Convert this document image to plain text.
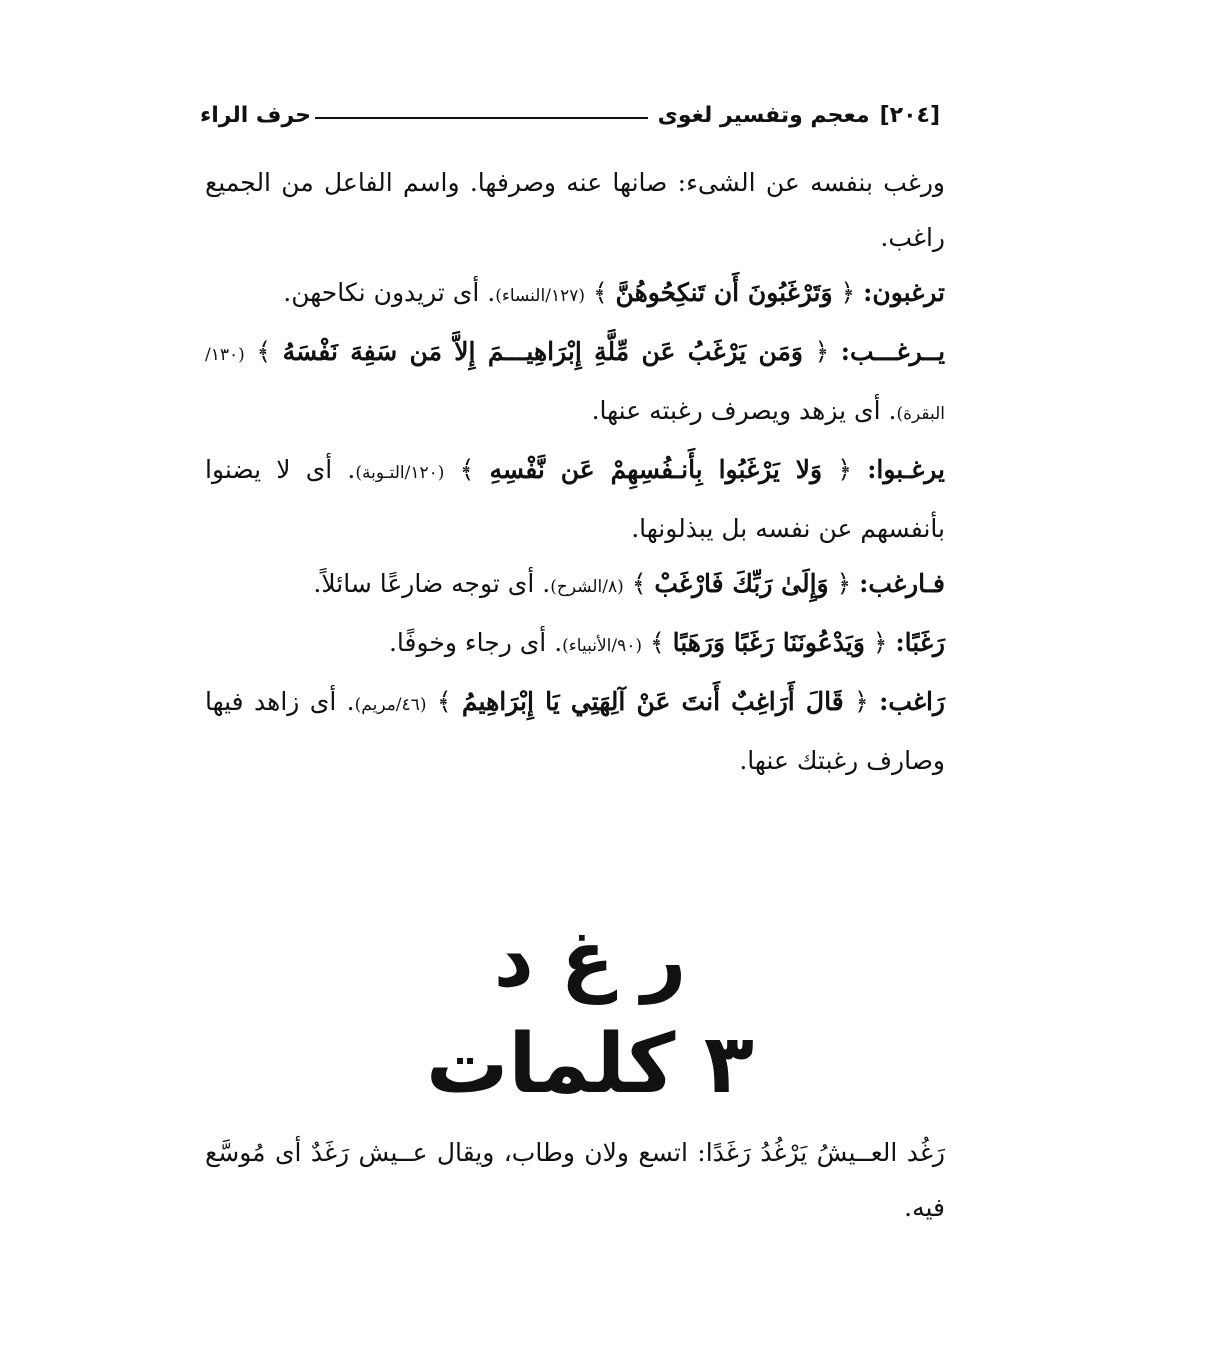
[٢٠٤]
معجم وتفسير لغوى
حرف الراء

ورغب بنفسه عن الشىء: صانها عنه وصرفها. واسم الفاعل من الجميع راغب.

ترغبون: ﴿ وَتَرْغَبُونَ أَن تَنكِحُوهُنَّ ﴾ (١٢٧/النساء). أى تريدون نكاحهن.

يــرغـــب: ﴿ وَمَن يَرْغَبُ عَن مِّلَّةِ إِبْرَاهِيـــمَ إِلاَّ مَن سَفِهَ نَفْسَهُ ﴾ (١٣٠/البقرة). أى يزهد ويصرف رغبته عنها.

يرغـبوا: ﴿ وَلا يَرْغَبُوا بِأَنـفُسِهِمْ عَن نَّفْسِهِ ﴾ (١٢٠/التـوبة). أى لا يضنوا بأنفسهم عن نفسه بل يبذلونها.

فـارغب: ﴿ وَإِلَىٰ رَبِّكَ فَارْغَبْ ﴾ (٨/الشرح). أى توجه ضارعًا سائلاً.

رَغَبًا: ﴿ وَيَدْعُونَنَا رَغَبًا وَرَهَبًا ﴾ (٩٠/الأنبياء). أى رجاء وخوفًا.

رَاغب: ﴿ قَالَ أَرَاغِبٌ أَنتَ عَنْ آلِهَتِي يَا إِبْرَاهِيمُ ﴾ (٤٦/مريم). أى زاهد فيها وصارف رغبتك عنها.

ر غ د
٣ كلمات

رَغُد العــيشُ يَرْغُدُ رَغَدًا: اتسع ولان وطاب، ويقال عــيش رَغَدٌ أى مُوسَّع فيه.
